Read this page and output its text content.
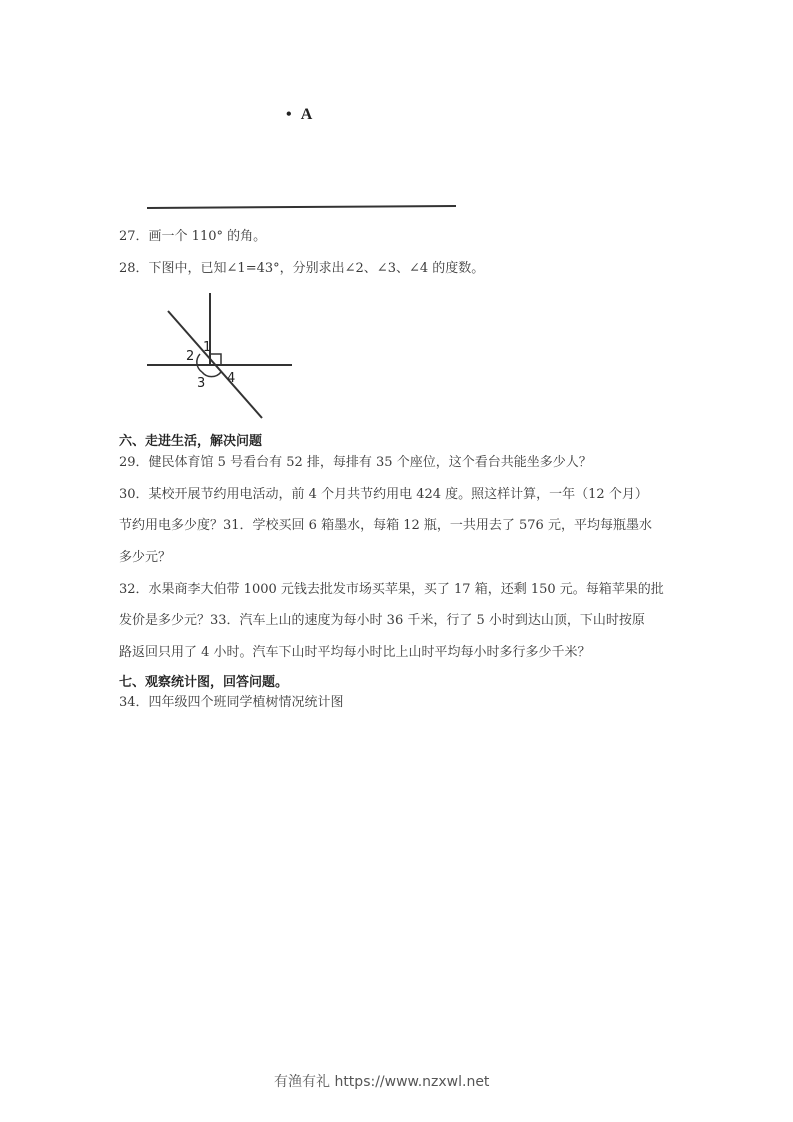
• A
27．画一个 110° 的角。
28．下图中，已知∠1=43°，分别求出∠2、∠3、∠4 的度数。
1
2
3 4
六、走进生活，解决问题
29．健民体育馆 5 号看台有 52 排，每排有 35 个座位，这个看台共能坐多少人？
30．某校开展节约用电活动，前 4 个月共节约用电 424 度。照这样计算，一年（12 个月）
节约用电多少度？31．学校买回 6 箱墨水，每箱 12 瓶，一共用去了 576 元，平均每瓶墨水
多少元？
32．水果商李大伯带 1000 元钱去批发市场买苹果，买了 17 箱，还剩 150 元。每箱苹果的批
发价是多少元？33．汽车上山的速度为每小时 36 千米，行了 5 小时到达山顶，下山时按原
路返回只用了 4 小时。汽车下山时平均每小时比上山时平均每小时多行多少千米？
七、观察统计图，回答问题。
34．四年级四个班同学植树情况统计图
有渔有礼 https://www.nzxwl.net
